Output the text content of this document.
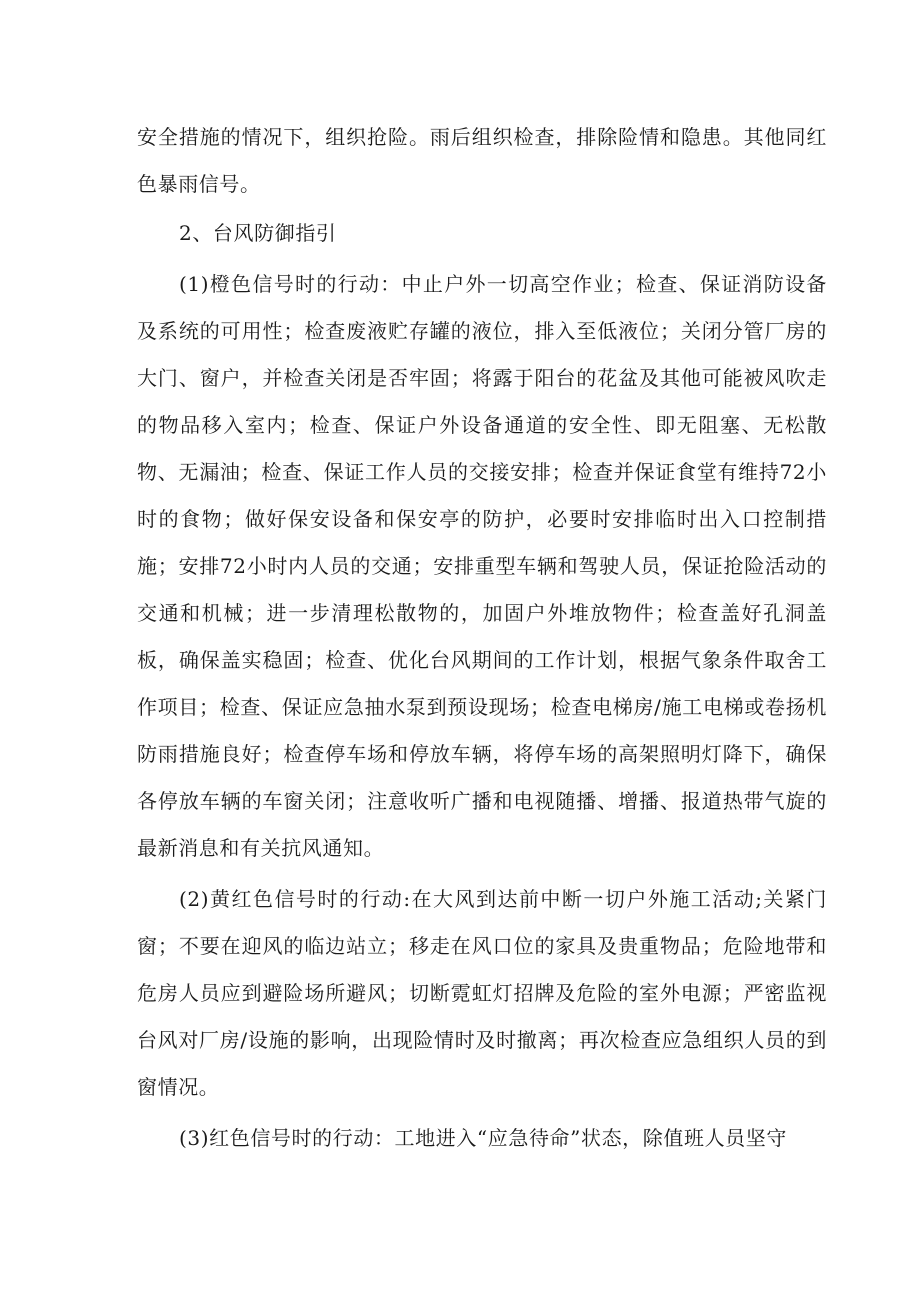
安全措施的情况下，组织抢险。雨后组织检查，排除险情和隐患。其他同红色暴雨信号。

2、台风防御指引

(1)橙色信号时的行动：中止户外一切高空作业；检查、保证消防设备及系统的可用性；检查废液贮存罐的液位，排入至低液位；关闭分管厂房的大门、窗户，并检查关闭是否牢固；将露于阳台的花盆及其他可能被风吹走的物品移入室内；检查、保证户外设备通道的安全性、即无阻塞、无松散物、无漏油；检查、保证工作人员的交接安排；检查并保证食堂有维持72小时的食物；做好保安设备和保安亭的防护，必要时安排临时出入口控制措施；安排72小时内人员的交通；安排重型车辆和驾驶人员，保证抢险活动的交通和机械；进一步清理松散物的，加固户外堆放物件；检查盖好孔洞盖板，确保盖实稳固；检查、优化台风期间的工作计划，根据气象条件取舍工作项目；检查、保证应急抽水泵到预设现场；检查电梯房/施工电梯或卷扬机防雨措施良好；检查停车场和停放车辆，将停车场的高架照明灯降下，确保各停放车辆的车窗关闭；注意收听广播和电视随播、增播、报道热带气旋的最新消息和有关抗风通知。

(2)黄红色信号时的行动:在大风到达前中断一切户外施工活动;关紧门窗；不要在迎风的临边站立；移走在风口位的家具及贵重物品；危险地带和危房人员应到避险场所避风；切断霓虹灯招牌及危险的室外电源；严密监视台风对厂房/设施的影响，出现险情时及时撤离；再次检查应急组织人员的到窗情况。

(3)红色信号时的行动：工地进入“应急待命”状态，除值班人员坚守
